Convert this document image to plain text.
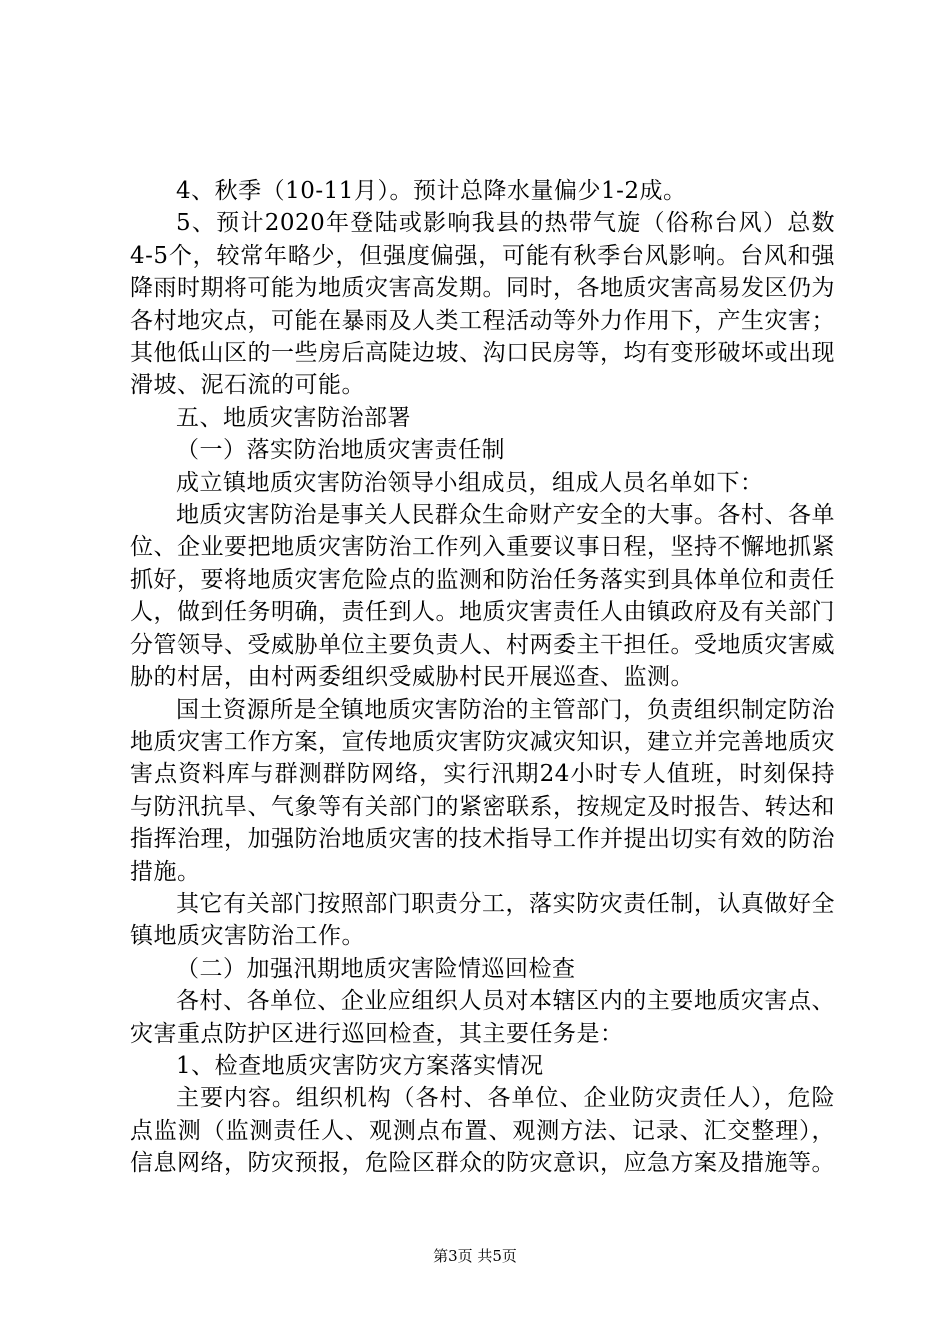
4、秋季（10-11月）。预计总降水量偏少1-2成。

5、预计2020年登陆或影响我县的热带气旋（俗称台风）总数4-5个，较常年略少，但强度偏强，可能有秋季台风影响。台风和强降雨时期将可能为地质灾害高发期。同时，各地质灾害高易发区仍为各村地灾点，可能在暴雨及人类工程活动等外力作用下，产生灾害；其他低山区的一些房后高陡边坡、沟口民房等，均有变形破坏或出现滑坡、泥石流的可能。

五、地质灾害防治部署

（一）落实防治地质灾害责任制

成立镇地质灾害防治领导小组成员，组成人员名单如下：

地质灾害防治是事关人民群众生命财产安全的大事。各村、各单位、企业要把地质灾害防治工作列入重要议事日程，坚持不懈地抓紧抓好，要将地质灾害危险点的监测和防治任务落实到具体单位和责任人，做到任务明确，责任到人。地质灾害责任人由镇政府及有关部门分管领导、受威胁单位主要负责人、村两委主干担任。受地质灾害威胁的村居，由村两委组织受威胁村民开展巡查、监测。

国土资源所是全镇地质灾害防治的主管部门，负责组织制定防治地质灾害工作方案，宣传地质灾害防灾减灾知识，建立并完善地质灾害点资料库与群测群防网络，实行汛期24小时专人值班，时刻保持与防汛抗旱、气象等有关部门的紧密联系，按规定及时报告、转达和指挥治理，加强防治地质灾害的技术指导工作并提出切实有效的防治措施。

其它有关部门按照部门职责分工，落实防灾责任制，认真做好全镇地质灾害防治工作。

（二）加强汛期地质灾害险情巡回检查

各村、各单位、企业应组织人员对本辖区内的主要地质灾害点、灾害重点防护区进行巡回检查，其主要任务是：

1、检查地质灾害防灾方案落实情况

主要内容。组织机构（各村、各单位、企业防灾责任人），危险点监测（监测责任人、观测点布置、观测方法、记录、汇交整理），信息网络，防灾预报，危险区群众的防灾意识，应急方案及措施等。

第3页 共5页
